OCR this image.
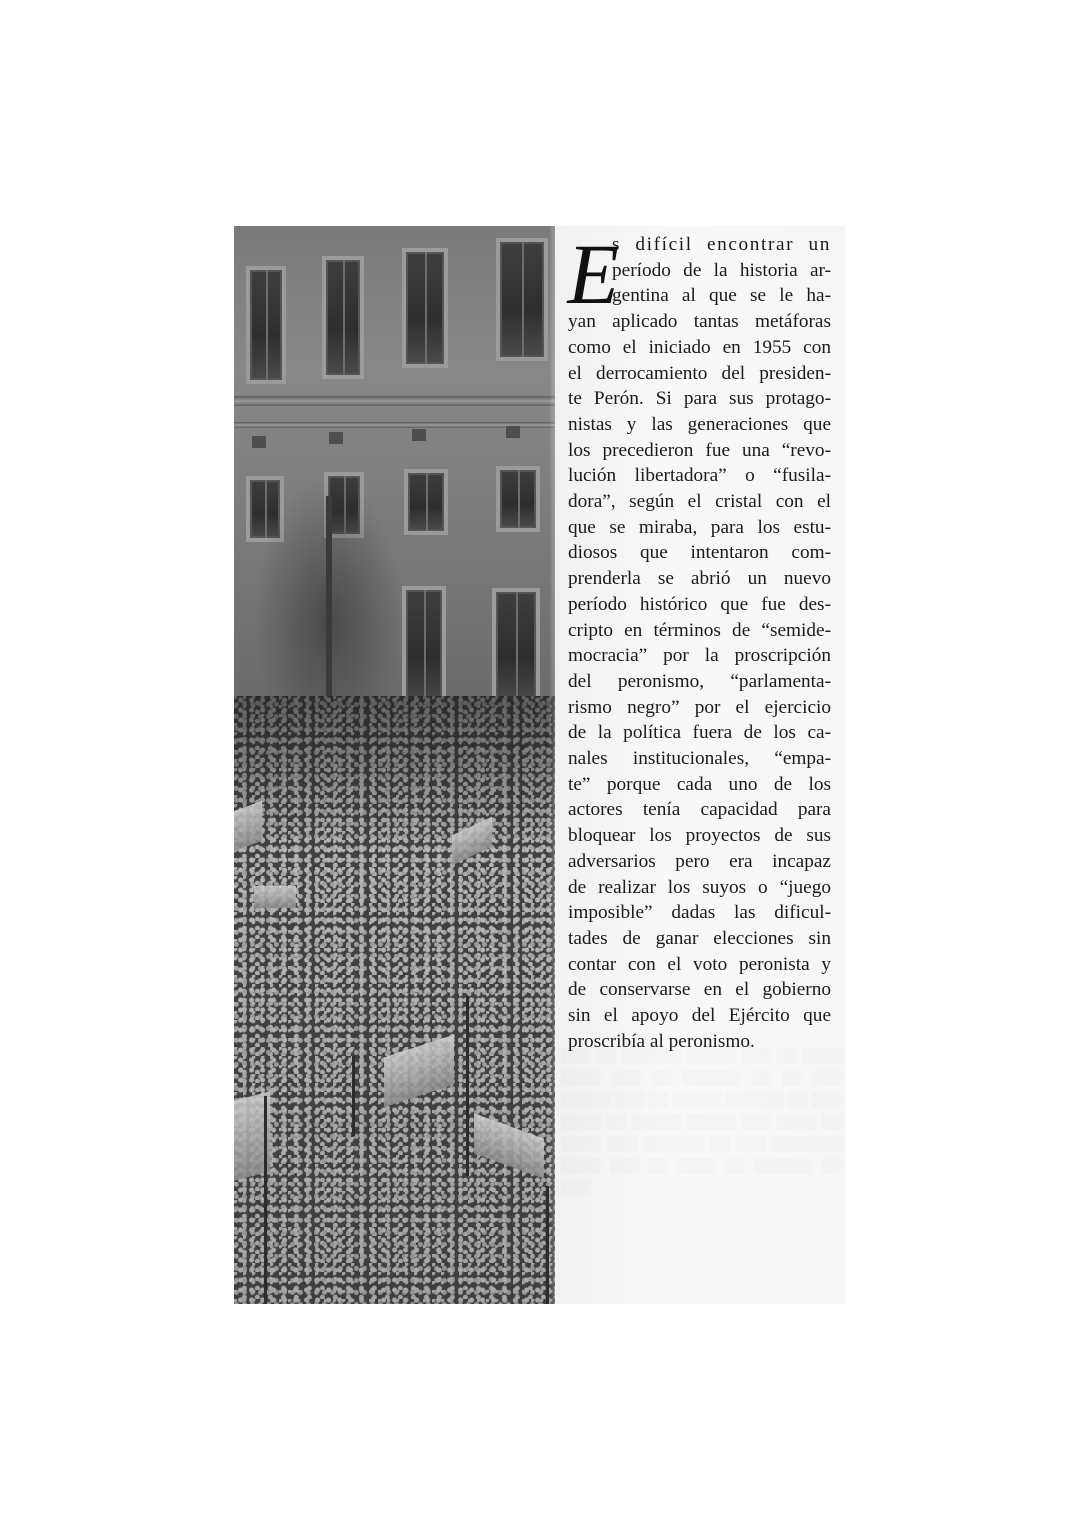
░░░ ░░ ░░░░░░ ░░░░░ ░░░ ░░ ░░░░ ░░░░ ░░░ ░░ ░░░░░░ ░░ ░░ ░░░ ░░░░░ ░░░ ░░ ░░░░░ ░░░░░░ ░░ ░░░ ░░░░ ░░ ░░░░░ ░░░░░ ░░░ ░░░░ ░░ ░░░░ ░░░ ░░░░░░ ░░ ░░░ ░░░░░░░ ░░░░ ░░░ ░░ ░░░░ ░░ ░░░░░░ ░░ ░░░
E
s difícil encontrar un
período de la historia ar-
gentina al que se le ha-
yan aplicado tantas metáforas
como el iniciado en 1955 con
el derrocamiento del presiden-
te Perón. Si para sus protago-
nistas y las generaciones que
los precedieron fue una “revo-
lución libertadora” o “fusila-
dora”, según el cristal con el
que se miraba, para los estu-
diosos que intentaron com-
prenderla se abrió un nuevo
período histórico que fue des-
cripto en términos de “semide-
mocracia” por la proscripción
del peronismo, “parlamenta-
rismo negro” por el ejercicio
de la política fuera de los ca-
nales institucionales, “empa-
te” porque cada uno de los
actores tenía capacidad para
bloquear los proyectos de sus
adversarios pero era incapaz
de realizar los suyos o “juego
imposible” dadas las dificul-
tades de ganar elecciones sin
contar con el voto peronista y
de conservarse en el gobierno
sin el apoyo del Ejército que
proscribía al peronismo.
